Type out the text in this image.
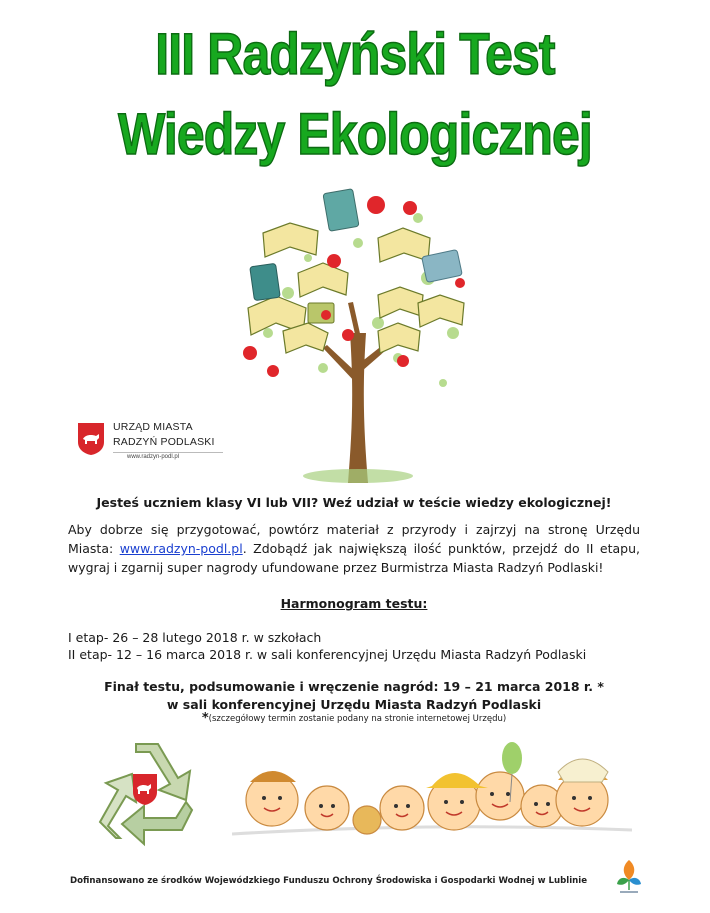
III Radzyński Test
Wiedzy Ekologicznej
URZĄD MIASTA
RADZYŃ PODLASKI
www.radzyn-podl.pl
Jesteś uczniem klasy VI lub VII? Weź udział w teście wiedzy ekologicznej!
Aby dobrze się przygotować, powtórz materiał z przyrody i zajrzyj na stronę Urzędu Miasta: www.radzyn-podl.pl. Zdobądź jak największą ilość punktów, przejdź do II etapu, wygraj i zgarnij super nagrody ufundowane przez Burmistrza Miasta Radzyń Podlaski!
Harmonogram testu:
I etap- 26 – 28 lutego 2018 r. w szkołach
II etap- 12 – 16 marca 2018 r. w sali konferencyjnej Urzędu Miasta Radzyń Podlaski
Finał testu, podsumowanie i wręczenie nagród: 19 – 21 marca 2018 r. *
w sali konferencyjnej Urzędu Miasta Radzyń Podlaski
*(szczegółowy termin zostanie podany na stronie internetowej Urzędu)
Dofinansowano ze środków Wojewódzkiego Funduszu Ochrony Środowiska i Gospodarki Wodnej w Lublinie
